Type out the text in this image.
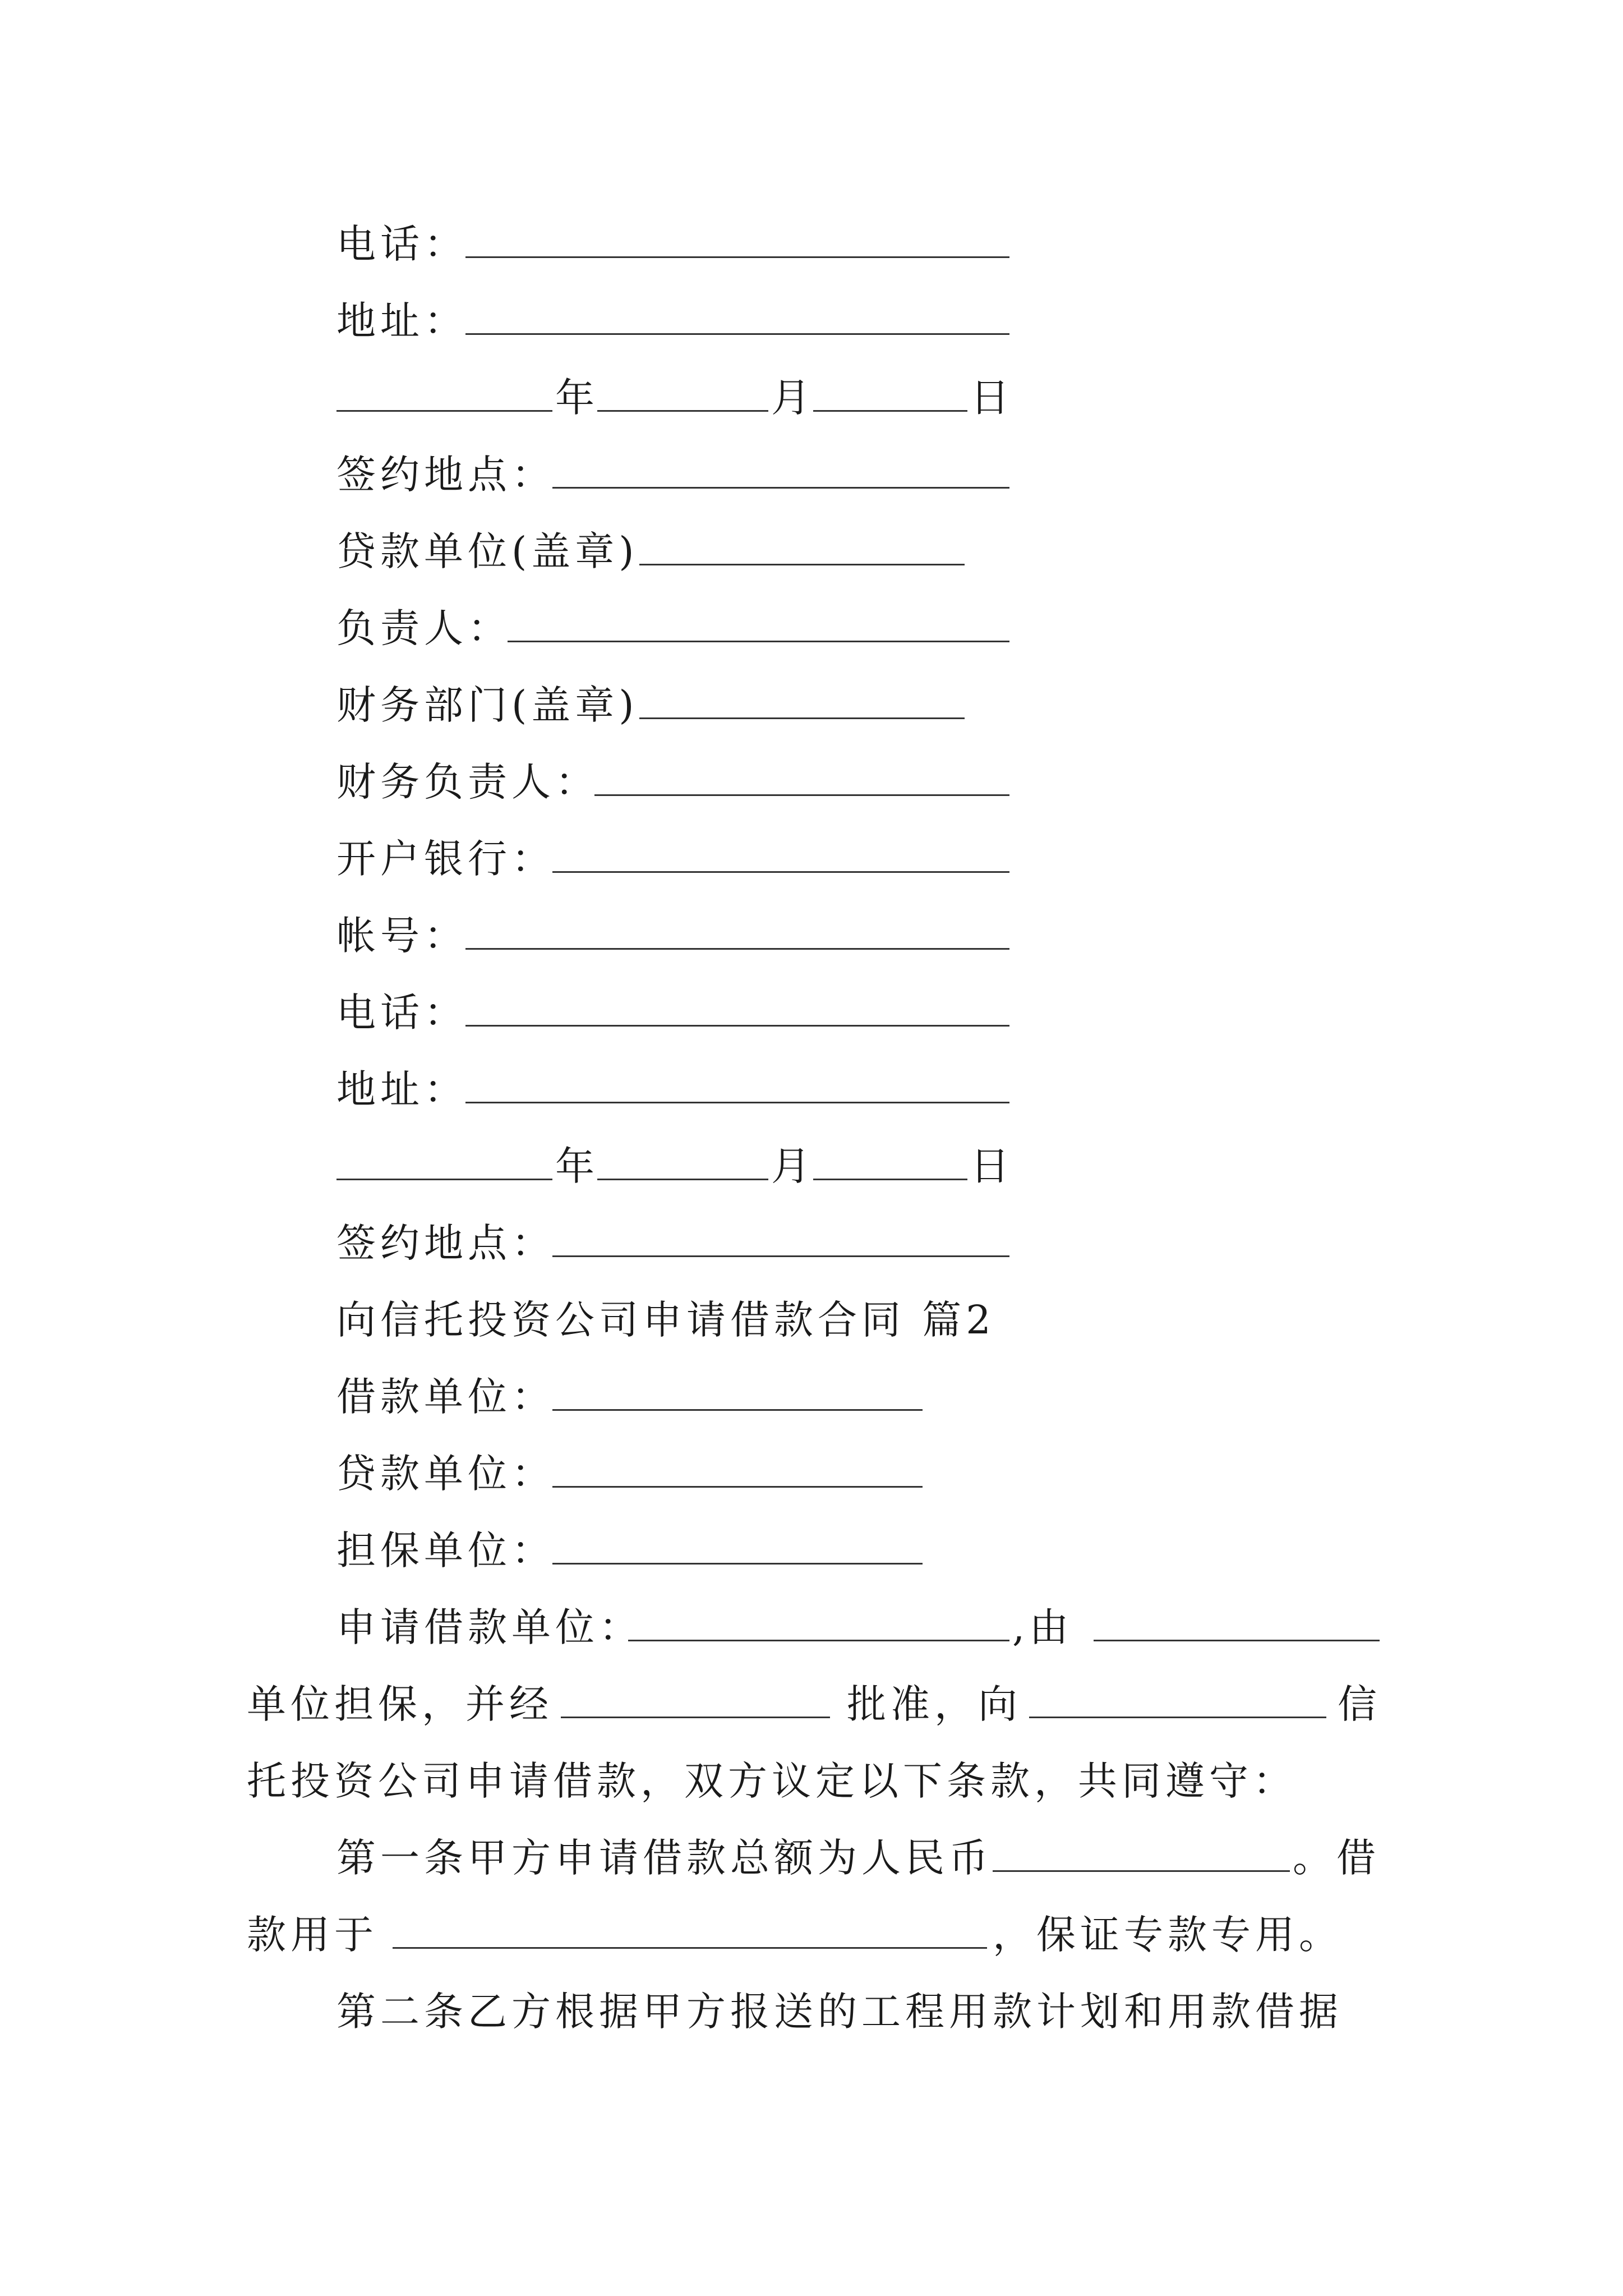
电话：
地址：
年	月	日
签约地点：
贷款单位(盖章)
负责人：
财务部门(盖章)
财务负责人：
开户银行：
帐号：
电话：
地址：
年	月	日
签约地点：
向信托投资公司申请借款合同 篇2
借款单位：
贷款单位：
担保单位：
申请借款单位：	,由
单位担保，并经	批准，向	信
托投资公司申请借款，双方议定以下条款，共同遵守：
第一条甲方申请借款总额为人民币	。借
款用于	，保证专款专用。
第二条乙方根据甲方报送的工程用款计划和用款借据
